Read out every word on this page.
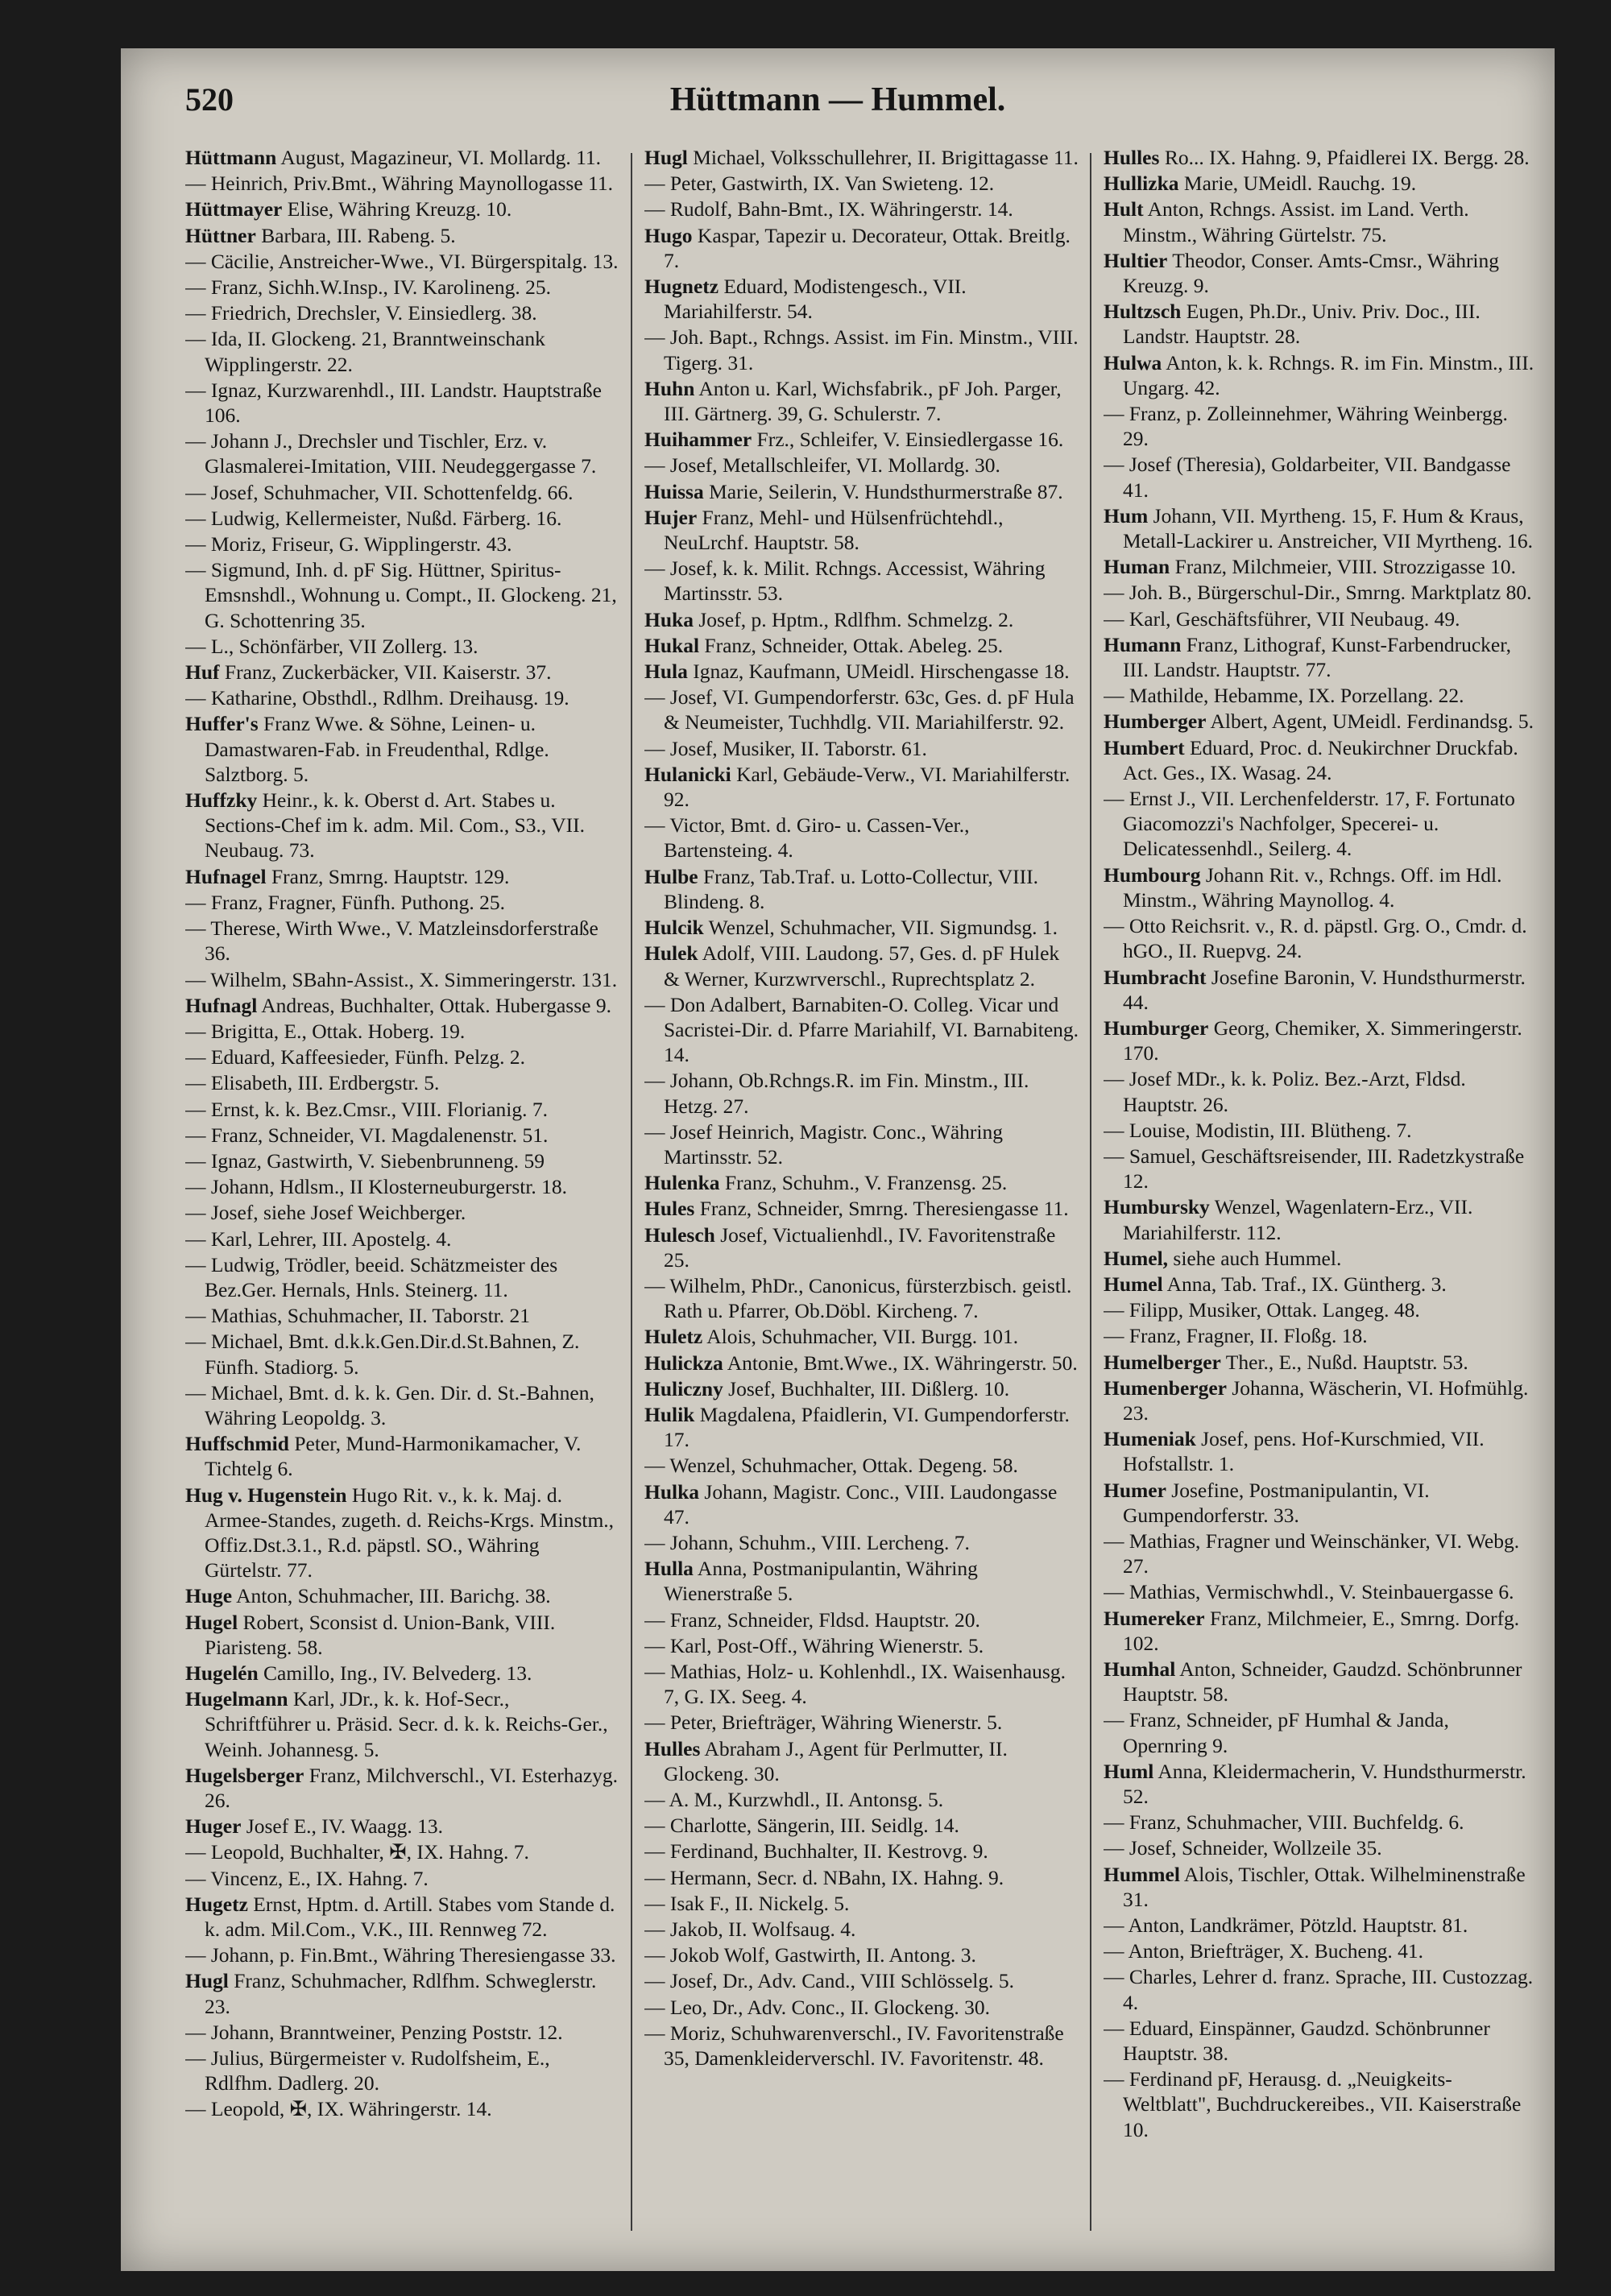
520	Hüttmann — Hummel.
Hüttmann August, Magazineur, VI. Mollardg. 11.
— Heinrich, Priv.Bmt., Währing Maynollogasse 11.
Hüttmayer Elise, Währing Kreuzg. 10.
Hüttner Barbara, III. Rabeng. 5.
— Cäcilie, Anstreicher-Wwe., VI. Bürgerspitalg. 13.
— Franz, Sichh.W.Insp., IV. Karolineng. 25.
— Friedrich, Drechsler, V. Einsiedlerg. 38.
— Ida, II. Glockeng. 21, Branntweinschank Wipplingerstr. 22.
— Ignaz, Kurzwarenhdl., III. Landstr. Hauptstraße 106.
— Johann J., Drechsler und Tischler, Erz. v. Glasmalerei-Imitation, VIII. Neudeggergasse 7.
— Josef, Schuhmacher, VII. Schottenfeldg. 66.
— Ludwig, Kellermeister, Nußd. Färberg. 16.
— Moriz, Friseur, G. Wipplingerstr. 43.
— Sigmund, Inh. d. pF Sig. Hüttner, Spiritus-Emsnshdl., Wohnung u. Compt., II. Glockeng. 21, G. Schottenring 35.
— L., Schönfärber, VII Zollerg. 13.
Huf Franz, Zuckerbäcker, VII. Kaiserstr. 37.
— Katharine, Obsthdl., Rdlhm. Dreihausg. 19.
Huffer's Franz Wwe. & Söhne, Leinen- u. Damastwaren-Fab. in Freudenthal, Rdlge. Salztborg. 5.
Huffzky Heinr., k. k. Oberst d. Art. Stabes u. Sections-Chef im k. adm. Mil. Com., S3., VII. Neubaug. 73.
Hufnagel Franz, Smrng. Hauptstr. 129.
— Franz, Fragner, Fünfh. Puthong. 25.
— Therese, Wirth Wwe., V. Matzleinsdorferstraße 36.
— Wilhelm, SBahn-Assist., X. Simmeringerstr. 131.
Hufnagl Andreas, Buchhalter, Ottak. Hubergasse 9.
— Brigitta, E., Ottak. Hoberg. 19.
— Eduard, Kaffeesieder, Fünfh. Pelzg. 2.
— Elisabeth, III. Erdbergstr. 5.
— Ernst, k. k. Bez.Cmsr., VIII. Florianig. 7.
— Franz, Schneider, VI. Magdalenenstr. 51.
— Ignaz, Gastwirth, V. Siebenbrunneng. 59
— Johann, Hdlsm., II Klosterneuburgerstr. 18.
— Josef, siehe Josef Weichberger.
— Karl, Lehrer, III. Apostelg. 4.
— Ludwig, Trödler, beeid. Schätzmeister des Bez.Ger. Hernals, Hnls. Steinerg. 11.
— Mathias, Schuhmacher, II. Taborstr. 21
— Michael, Bmt. d.k.k.Gen.Dir.d.St.Bahnen, Z. Fünfh. Stadiorg. 5.
— Michael, Bmt. d. k. k. Gen. Dir. d. St.-Bahnen, Währing Leopoldg. 3.
Huffschmid Peter, Mund-Harmonikamacher, V. Tichtelg 6.
Hug v. Hugenstein Hugo Rit. v., k. k. Maj. d. Armee-Standes, zugeth. d. Reichs-Krgs. Minstm., Offiz.Dst.3.1., R.d. päpstl. SO., Währing Gürtelstr. 77.
Huge Anton, Schuhmacher, III. Barichg. 38.
Hugel Robert, Sconsist d. Union-Bank, VIII. Piaristeng. 58.
Hugelén Camillo, Ing., IV. Belvederg. 13.
Hugelmann Karl, JDr., k. k. Hof-Secr., Schriftführer u. Präsid. Secr. d. k. k. Reichs-Ger., Weinh. Johannesg. 5.
Hugelsberger Franz, Milchverschl., VI. Esterhazyg. 26.
Huger Josef E., IV. Waagg. 13.
— Leopold, Buchhalter, ✠, IX. Hahng. 7.
— Vincenz, E., IX. Hahng. 7.
Hugetz Ernst, Hptm. d. Artill. Stabes vom Stande d. k. adm. Mil.Com., V.K., III. Rennweg 72.
— Johann, p. Fin.Bmt., Währing Theresiengasse 33.
Hugl Franz, Schuhmacher, Rdlfhm. Schweglerstr. 23.
— Johann, Branntweiner, Penzing Poststr. 12.
— Julius, Bürgermeister v. Rudolfsheim, E., Rdlfhm. Dadlerg. 20.
— Leopold, ✠, IX. Währingerstr. 14.
Hugl Michael, Volksschullehrer, II. Brigittagasse 11.
— Peter, Gastwirth, IX. Van Swieteng. 12.
— Rudolf, Bahn-Bmt., IX. Währingerstr. 14.
Hugo Kaspar, Tapezir u. Decorateur, Ottak. Breitlg. 7.
Hugnetz Eduard, Modistengesch., VII. Mariahilferstr. 54.
— Joh. Bapt., Rchngs. Assist. im Fin. Minstm., VIII. Tigerg. 31.
Huhn Anton u. Karl, Wichsfabrik., pF Joh. Parger, III. Gärtnerg. 39, G. Schulerstr. 7.
Huihammer Frz., Schleifer, V. Einsiedlergasse 16.
— Josef, Metallschleifer, VI. Mollardg. 30.
Huissa Marie, Seilerin, V. Hundsthurmerstraße 87.
Hujer Franz, Mehl- und Hülsenfrüchtehdl., NeuLrchf. Hauptstr. 58.
— Josef, k. k. Milit. Rchngs. Accessist, Währing Martinsstr. 53.
Huka Josef, p. Hptm., Rdlfhm. Schmelzg. 2.
Hukal Franz, Schneider, Ottak. Abeleg. 25.
Hula Ignaz, Kaufmann, UMeidl. Hirschengasse 18.
— Josef, VI. Gumpendorferstr. 63c, Ges. d. pF Hula & Neumeister, Tuchhdlg. VII. Mariahilferstr. 92.
— Josef, Musiker, II. Taborstr. 61.
Hulanicki Karl, Gebäude-Verw., VI. Mariahilferstr. 92.
— Victor, Bmt. d. Giro- u. Cassen-Ver., Bartensteing. 4.
Hulbe Franz, Tab.Traf. u. Lotto-Collectur, VIII. Blindeng. 8.
Hulcik Wenzel, Schuhmacher, VII. Sigmundsg. 1.
Hulek Adolf, VIII. Laudong. 57, Ges. d. pF Hulek & Werner, Kurzwrverschl., Ruprechtsplatz 2.
— Don Adalbert, Barnabiten-O. Colleg. Vicar und Sacristei-Dir. d. Pfarre Mariahilf, VI. Barnabiteng. 14.
— Johann, Ob.Rchngs.R. im Fin. Minstm., III. Hetzg. 27.
— Josef Heinrich, Magistr. Conc., Währing Martinsstr. 52.
Hulenka Franz, Schuhm., V. Franzensg. 25.
Hules Franz, Schneider, Smrng. Theresiengasse 11.
Hulesch Josef, Victualienhdl., IV. Favoritenstraße 25.
— Wilhelm, PhDr., Canonicus, fürsterzbisch. geistl. Rath u. Pfarrer, Ob.Döbl. Kircheng. 7.
Huletz Alois, Schuhmacher, VII. Burgg. 101.
Hulickza Antonie, Bmt.Wwe., IX. Währingerstr. 50.
Huliczny Josef, Buchhalter, III. Dißlerg. 10.
Hulik Magdalena, Pfaidlerin, VI. Gumpendorferstr. 17.
— Wenzel, Schuhmacher, Ottak. Degeng. 58.
Hulka Johann, Magistr. Conc., VIII. Laudongasse 47.
— Johann, Schuhm., VIII. Lercheng. 7.
Hulla Anna, Postmanipulantin, Währing Wienerstraße 5.
— Franz, Schneider, Fldsd. Hauptstr. 20.
— Karl, Post-Off., Währing Wienerstr. 5.
— Mathias, Holz- u. Kohlenhdl., IX. Waisenhausg. 7, G. IX. Seeg. 4.
— Peter, Briefträger, Währing Wienerstr. 5.
Hulles Abraham J., Agent für Perlmutter, II. Glockeng. 30.
— A. M., Kurzwhdl., II. Antonsg. 5.
— Charlotte, Sängerin, III. Seidlg. 14.
— Ferdinand, Buchhalter, II. Kestrovg. 9.
— Hermann, Secr. d. NBahn, IX. Hahng. 9.
— Isak F., II. Nickelg. 5.
— Jakob, II. Wolfsaug. 4.
— Jokob Wolf, Gastwirth, II. Antong. 3.
— Josef, Dr., Adv. Cand., VIII Schlösselg. 5.
— Leo, Dr., Adv. Conc., II. Glockeng. 30.
— Moriz, Schuhwarenverschl., IV. Favoritenstraße 35, Damenkleiderverschl. IV. Favoritenstr. 48.
Hulles Ro... IX. Hahng. 9, Pfaidlerei IX. Bergg. 28.
Hullizka Marie, UMeidl. Rauchg. 19.
Hult Anton, Rchngs. Assist. im Land. Verth. Minstm., Währing Gürtelstr. 75.
Hultier Theodor, Conser. Amts-Cmsr., Währing Kreuzg. 9.
Hultzsch Eugen, Ph.Dr., Univ. Priv. Doc., III. Landstr. Hauptstr. 28.
Hulwa Anton, k. k. Rchngs. R. im Fin. Minstm., III. Ungarg. 42.
— Franz, p. Zolleinnehmer, Währing Weinbergg. 29.
— Josef (Theresia), Goldarbeiter, VII. Bandgasse 41.
Hum Johann, VII. Myrtheng. 15, F. Hum & Kraus, Metall-Lackirer u. Anstreicher, VII Myrtheng. 16.
Human Franz, Milchmeier, VIII. Strozzigasse 10.
— Joh. B., Bürgerschul-Dir., Smrng. Marktplatz 80.
— Karl, Geschäftsführer, VII Neubaug. 49.
Humann Franz, Lithograf, Kunst-Farbendrucker, III. Landstr. Hauptstr. 77.
— Mathilde, Hebamme, IX. Porzellang. 22.
Humberger Albert, Agent, UMeidl. Ferdinandsg. 5.
Humbert Eduard, Proc. d. Neukirchner Druckfab. Act. Ges., IX. Wasag. 24.
— Ernst J., VII. Lerchenfelderstr. 17, F. Fortunato Giacomozzi's Nachfolger, Specerei- u. Delicatessenhdl., Seilerg. 4.
Humbourg Johann Rit. v., Rchngs. Off. im Hdl. Minstm., Währing Maynollog. 4.
— Otto Reichsrit. v., R. d. päpstl. Grg. O., Cmdr. d. hGO., II. Ruepvg. 24.
Humbracht Josefine Baronin, V. Hundsthurmerstr. 44.
Humburger Georg, Chemiker, X. Simmeringerstr. 170.
— Josef MDr., k. k. Poliz. Bez.-Arzt, Fldsd. Hauptstr. 26.
— Louise, Modistin, III. Blütheng. 7.
— Samuel, Geschäftsreisender, III. Radetzkystraße 12.
Humbursky Wenzel, Wagenlatern-Erz., VII. Mariahilferstr. 112.
Humel, siehe auch Hummel.
Humel Anna, Tab. Traf., IX. Güntherg. 3.
— Filipp, Musiker, Ottak. Langeg. 48.
— Franz, Fragner, II. Floßg. 18.
Humelberger Ther., E., Nußd. Hauptstr. 53.
Humenberger Johanna, Wäscherin, VI. Hofmühlg. 23.
Humeniak Josef, pens. Hof-Kurschmied, VII. Hofstallstr. 1.
Humer Josefine, Postmanipulantin, VI. Gumpendorferstr. 33.
— Mathias, Fragner und Weinschänker, VI. Webg. 27.
— Mathias, Vermischwhdl., V. Steinbauergasse 6.
Humereker Franz, Milchmeier, E., Smrng. Dorfg. 102.
Humhal Anton, Schneider, Gaudzd. Schönbrunner Hauptstr. 58.
— Franz, Schneider, pF Humhal & Janda, Opernring 9.
Huml Anna, Kleidermacherin, V. Hundsthurmerstr. 52.
— Franz, Schuhmacher, VIII. Buchfeldg. 6.
— Josef, Schneider, Wollzeile 35.
Hummel Alois, Tischler, Ottak. Wilhelminenstraße 31.
— Anton, Landkrämer, Pötzld. Hauptstr. 81.
— Anton, Briefträger, X. Bucheng. 41.
— Charles, Lehrer d. franz. Sprache, III. Custozzag. 4.
— Eduard, Einspänner, Gaudzd. Schönbrunner Hauptstr. 38.
— Ferdinand pF, Herausg. d. „Neuigkeits-Weltblatt", Buchdruckereibes., VII. Kaiserstraße 10.
